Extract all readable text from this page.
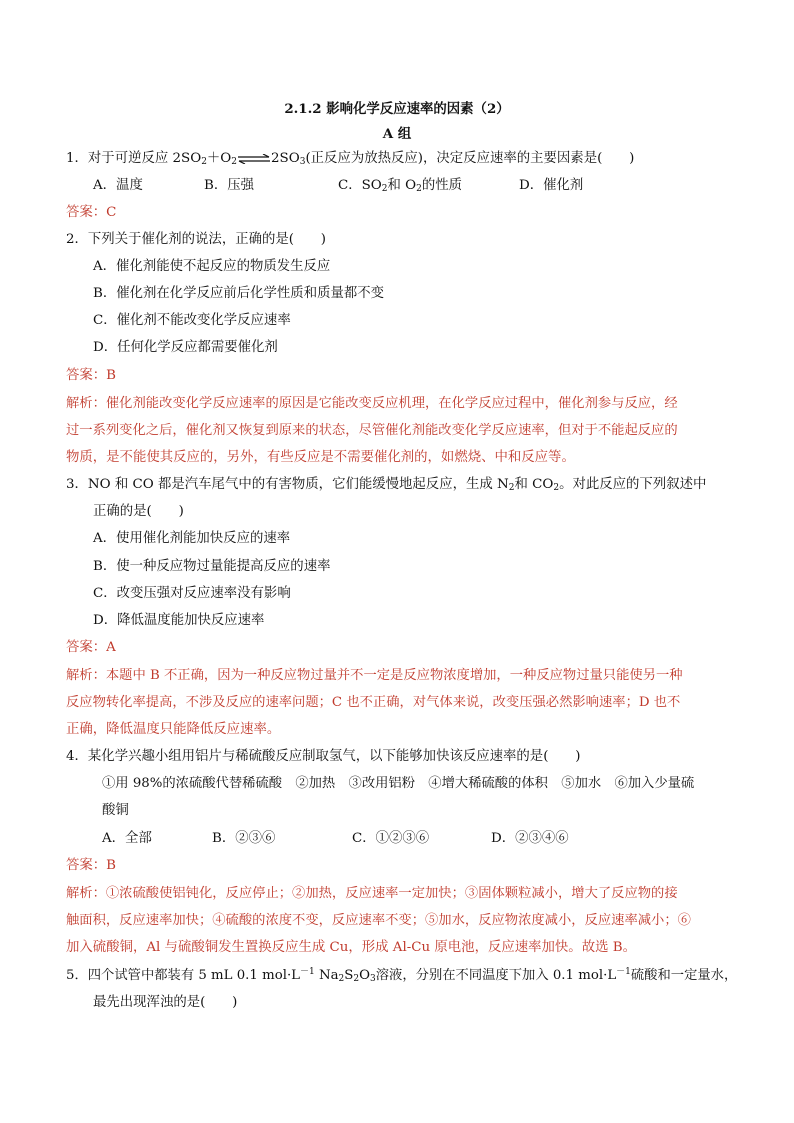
2.1.2 影响化学反应速率的因素（2）
A 组
1．对于可逆反应 $2SO_2+O_2\rightleftharpoons 2SO_3$(正反应为放热反应)，决定反应速率的主要因素是(　　)
A．温度	B．压强	C．$SO_2$和 $O_2$的性质	D．催化剂
答案：C
2．下列关于催化剂的说法，正确的是(　　)
A．催化剂能使不起反应的物质发生反应
B．催化剂在化学反应前后化学性质和质量都不变
C．催化剂不能改变化学反应速率
D．任何化学反应都需要催化剂
答案：B
解析：催化剂能改变化学反应速率的原因是它能改变反应机理，在化学反应过程中，催化剂参与反应，经
过一系列变化之后，催化剂又恢复到原来的状态，尽管催化剂能改变化学反应速率，但对于不能起反应的
物质，是不能使其反应的，另外，有些反应是不需要催化剂的，如燃烧、中和反应等。
3．NO 和 CO 都是汽车尾气中的有害物质，它们能缓慢地起反应，生成 $N_2$和 $CO_2$。对此反应的下列叙述中
正确的是(　　)
A．使用催化剂能加快反应的速率
B．使一种反应物过量能提高反应的速率
C．改变压强对反应速率没有影响
D．降低温度能加快反应速率
答案：A
解析：本题中 B 不正确，因为一种反应物过量并不一定是反应物浓度增加，一种反应物过量只能使另一种
反应物转化率提高，不涉及反应的速率问题；C 也不正确，对气体来说，改变压强必然影响速率；D 也不
正确，降低温度只能降低反应速率。
4．某化学兴趣小组用铝片与稀硫酸反应制取氢气，以下能够加快该反应速率的是(　　)
①用 98%的浓硫酸代替稀硫酸　②加热　③改用铝粉　④增大稀硫酸的体积　⑤加水　⑥加入少量硫
酸铜
A．全部	B．②③⑥	C．①②③⑥	D．②③④⑥
答案：B
解析：①浓硫酸使铝钝化，反应停止；②加热，反应速率一定加快；③固体颗粒减小，增大了反应物的接
触面积，反应速率加快；④硫酸的浓度不变，反应速率不变；⑤加水，反应物浓度减小，反应速率减小；⑥
加入硫酸铜，Al 与硫酸铜发生置换反应生成 Cu，形成 Al-Cu 原电池，反应速率加快。故选 B。
5．四个试管中都装有 5 mL 0.1 $mol\cdot L^{-1}$ $Na_2S_2O_3$溶液，分别在不同温度下加入 0.1 $mol\cdot L^{-1}$硫酸和一定量水，
最先出现浑浊的是(　　)
